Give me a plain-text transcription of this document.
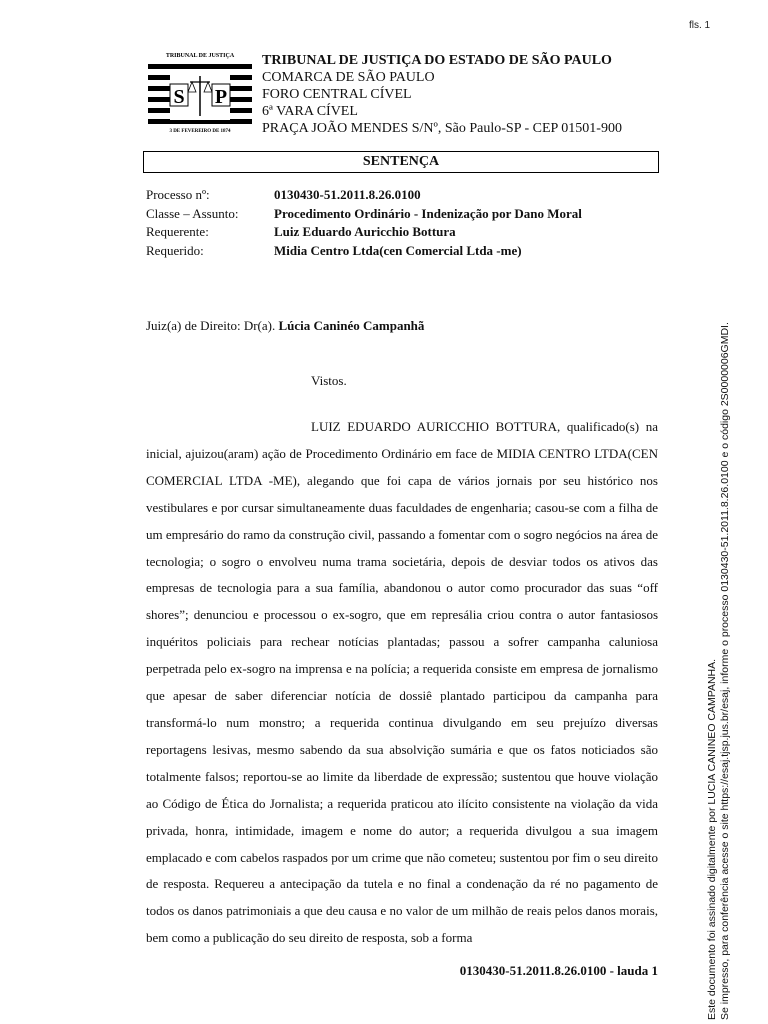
fls. 1
TRIBUNAL DE JUSTIÇA
S P
3 DE FEVEREIRO DE 1874
TRIBUNAL DE JUSTIÇA DO ESTADO DE SÃO PAULO
COMARCA DE SÃO PAULO
FORO CENTRAL CÍVEL
6ª VARA CÍVEL
PRAÇA JOÃO MENDES S/Nº, São Paulo-SP - CEP 01501-900
SENTENÇA
Processo nº:	0130430-51.2011.8.26.0100
Classe – Assunto:	Procedimento Ordinário - Indenização por Dano Moral
Requerente:	Luiz Eduardo Auricchio Bottura
Requerido:	Midia Centro Ltda(cen Comercial Ltda -me)
Juiz(a) de Direito: Dr(a). Lúcia Caninéo Campanhã
Vistos.

LUIZ EDUARDO AURICCHIO BOTTURA, qualificado(s) na inicial, ajuizou(aram) ação de Procedimento Ordinário em face de MIDIA CENTRO LTDA(CEN COMERCIAL LTDA -ME), alegando que foi capa de vários jornais por seu histórico nos vestibulares e por cursar simultaneamente duas faculdades de engenharia; casou-se com a filha de um empresário do ramo da construção civil, passando a fomentar com o sogro negócios na área de tecnologia; o sogro o envolveu numa trama societária, depois de desviar todos os ativos das empresas de tecnologia para a sua família, abandonou o autor como procurador das suas “off shores”; denunciou e processou o ex-sogro, que em represália criou contra o autor fantasiosos inquéritos policiais para rechear notícias plantadas; passou a sofrer campanha caluniosa perpetrada pelo ex-sogro na imprensa e na polícia; a requerida consiste em empresa de jornalismo que apesar de saber diferenciar notícia de dossiê plantado participou da campanha para transformá-lo num monstro; a requerida continua divulgando em seu prejuízo diversas reportagens lesivas, mesmo sabendo da sua absolvição sumária e que os fatos noticiados são totalmente falsos; reportou-se ao limite da liberdade de expressão; sustentou que houve violação ao Código de Ética do Jornalista; a requerida praticou ato ilícito consistente na violação da vida privada, honra, intimidade, imagem e nome do autor; a requerida divulgou a sua imagem emplacado e com cabelos raspados por um crime que não cometeu; sustentou por fim o seu direito de resposta. Requereu a antecipação da tutela e no final a condenação da ré no pagamento de todos os danos patrimoniais a que deu causa e no valor de um milhão de reais pelos danos morais, bem como a publicação do seu direito de resposta, sob a forma

0130430-51.2011.8.26.0100 - lauda 1	Este documento foi assinado digitalmente por LUCIA CANINEO CAMPANHA. Se impresso, para conferência acesse o site https://esaj.tjsp.jus.br/esaj, informe o processo 0130430-51.2011.8.26.0100 e o código 2S0000006GMDI.
